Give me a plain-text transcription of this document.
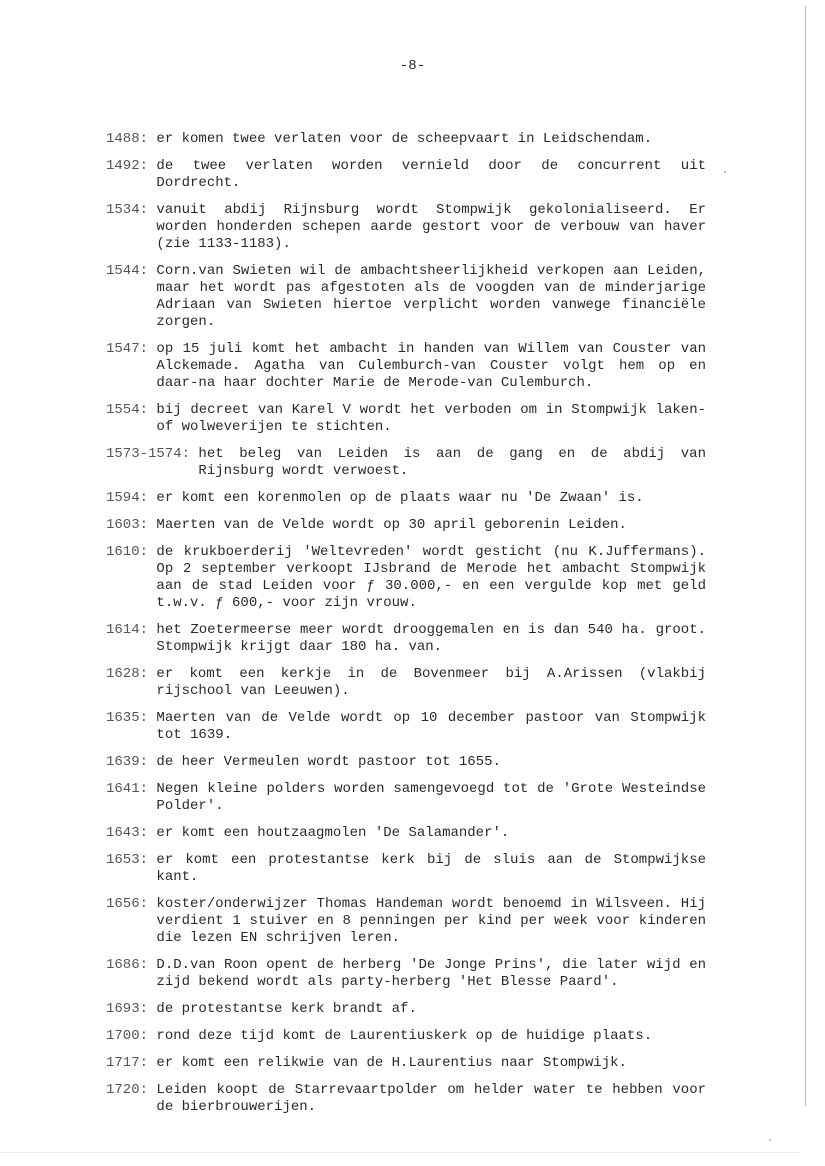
-8-
1488: er komen twee verlaten voor de scheepvaart in Leidschendam.
1492: de twee verlaten worden vernield door de concurrent uit Dordrecht.
1534: vanuit abdij Rijnsburg wordt Stompwijk gekolonialiseerd. Er worden honderden schepen aarde gestort voor de verbouw van haver (zie 1133-1183).
1544: Corn.van Swieten wil de ambachtsheerlijkheid verkopen aan Leiden, maar het wordt pas afgestoten als de voogden van de minderjarige Adriaan van Swieten hiertoe verplicht worden vanwege financiële zorgen.
1547: op 15 juli komt het ambacht in handen van Willem van Couster van Alckemade. Agatha van Culemburch-van Couster volgt hem op en daar-na haar dochter Marie de Merode-van Culemburch.
1554: bij decreet van Karel V wordt het verboden om in Stompwijk laken- of wolweverijen te stichten.
1573-1574: het beleg van Leiden is aan de gang en de abdij van Rijnsburg wordt verwoest.
1594: er komt een korenmolen op de plaats waar nu 'De Zwaan' is.
1603: Maerten van de Velde wordt op 30 april geborenin Leiden.
1610: de krukboerderij 'Weltevreden' wordt gesticht (nu K.Juffermans). Op 2 september verkoopt IJsbrand de Merode het ambacht Stompwijk aan de stad Leiden voor ƒ 30.000,- en een vergulde kop met geld t.w.v. ƒ 600,- voor zijn vrouw.
1614: het Zoetermeerse meer wordt drooggemalen en is dan 540 ha. groot. Stompwijk krijgt daar 180 ha. van.
1628: er komt een kerkje in de Bovenmeer bij A.Arissen (vlakbij rijschool van Leeuwen).
1635: Maerten van de Velde wordt op 10 december pastoor van Stompwijk tot 1639.
1639: de heer Vermeulen wordt pastoor tot 1655.
1641: Negen kleine polders worden samengevoegd tot de 'Grote Westeindse Polder'.
1643: er komt een houtzaagmolen 'De Salamander'.
1653: er komt een protestantse kerk bij de sluis aan de Stompwijkse kant.
1656: koster/onderwijzer Thomas Handeman wordt benoemd in Wilsveen. Hij verdient 1 stuiver en 8 penningen per kind per week voor kinderen die lezen EN schrijven leren.
1686: D.D.van Roon opent de herberg 'De Jonge Prins', die later wijd en zijd bekend wordt als party-herberg 'Het Blesse Paard'.
1693: de protestantse kerk brandt af.
1700: rond deze tijd komt de Laurentiuskerk op de huidige plaats.
1717: er komt een relikwie van de H.Laurentius naar Stompwijk.
1720: Leiden koopt de Starrevaartpolder om helder water te hebben voor de bierbrouwerijen.
